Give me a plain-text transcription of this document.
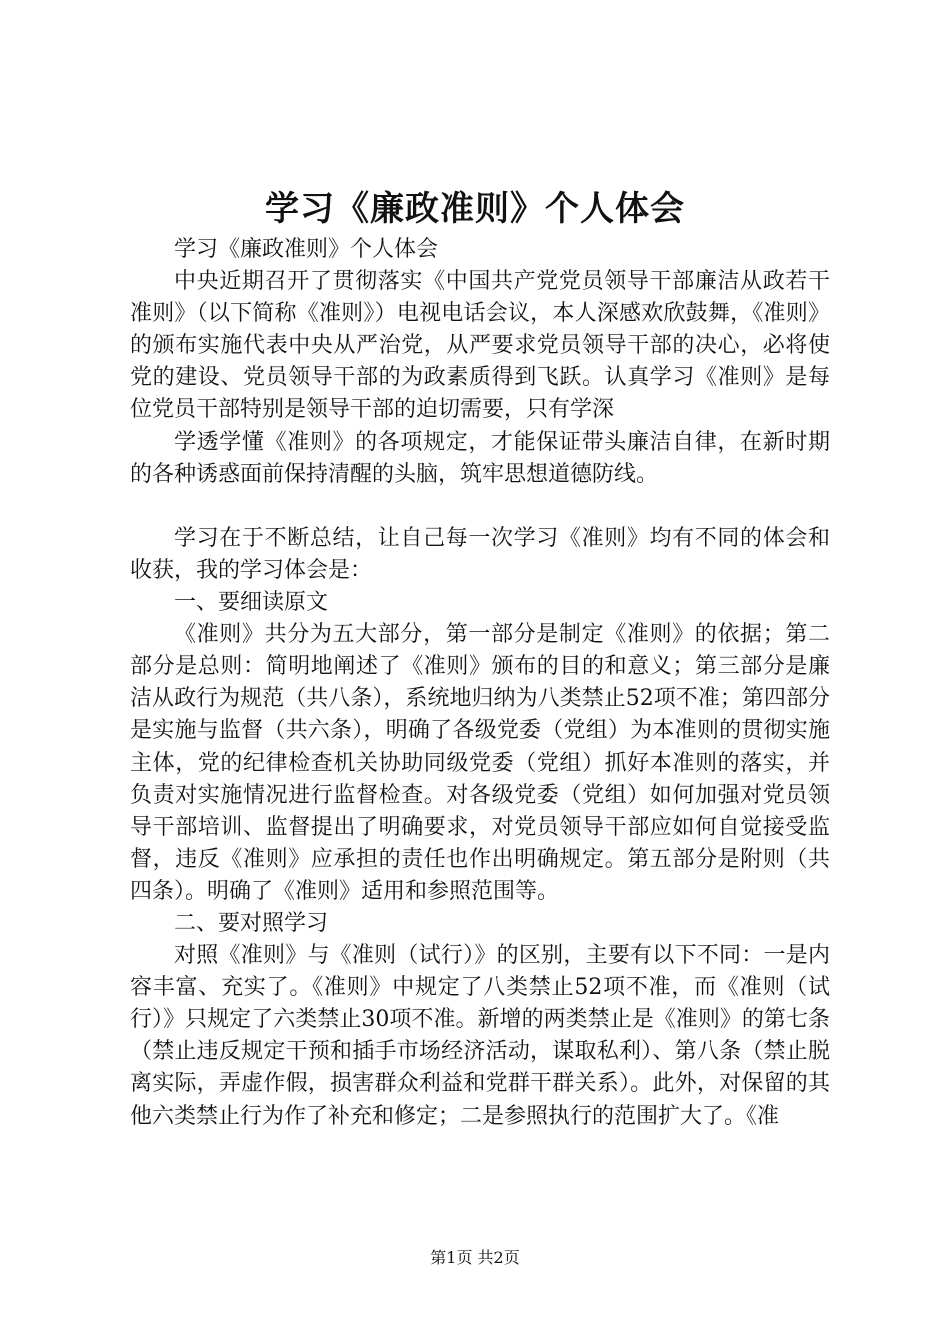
学习《廉政准则》个人体会

学习《廉政准则》个人体会

中央近期召开了贯彻落实《中国共产党党员领导干部廉洁从政若干准则》（以下简称《准则》）电视电话会议，本人深感欢欣鼓舞，《准则》的颁布实施代表中央从严治党，从严要求党员领导干部的决心，必将使党的建设、党员领导干部的为政素质得到飞跃。认真学习《准则》是每位党员干部特别是领导干部的迫切需要，只有学深

学透学懂《准则》的各项规定，才能保证带头廉洁自律，在新时期的各种诱惑面前保持清醒的头脑，筑牢思想道德防线。

学习在于不断总结，让自己每一次学习《准则》均有不同的体会和收获，我的学习体会是：

一、要细读原文

《准则》共分为五大部分，第一部分是制定《准则》的依据；第二部分是总则：简明地阐述了《准则》颁布的目的和意义；第三部分是廉洁从政行为规范（共八条），系统地归纳为八类禁止52项不准；第四部分是实施与监督（共六条），明确了各级党委（党组）为本准则的贯彻实施主体，党的纪律检查机关协助同级党委（党组）抓好本准则的落实，并负责对实施情况进行监督检查。对各级党委（党组）如何加强对党员领导干部培训、监督提出了明确要求，对党员领导干部应如何自觉接受监督，违反《准则》应承担的责任也作出明确规定。第五部分是附则（共四条）。明确了《准则》适用和参照范围等。

二、要对照学习

对照《准则》与《准则（试行）》的区别，主要有以下不同：一是内容丰富、充实了。《准则》中规定了八类禁止52项不准，而《准则（试行）》只规定了六类禁止30项不准。新增的两类禁止是《准则》的第七条（禁止违反规定干预和插手市场经济活动，谋取私利）、第八条（禁止脱离实际，弄虚作假，损害群众利益和党群干群关系）。此外，对保留的其他六类禁止行为作了补充和修定；二是参照执行的范围扩大了。《准

第1页 共2页
